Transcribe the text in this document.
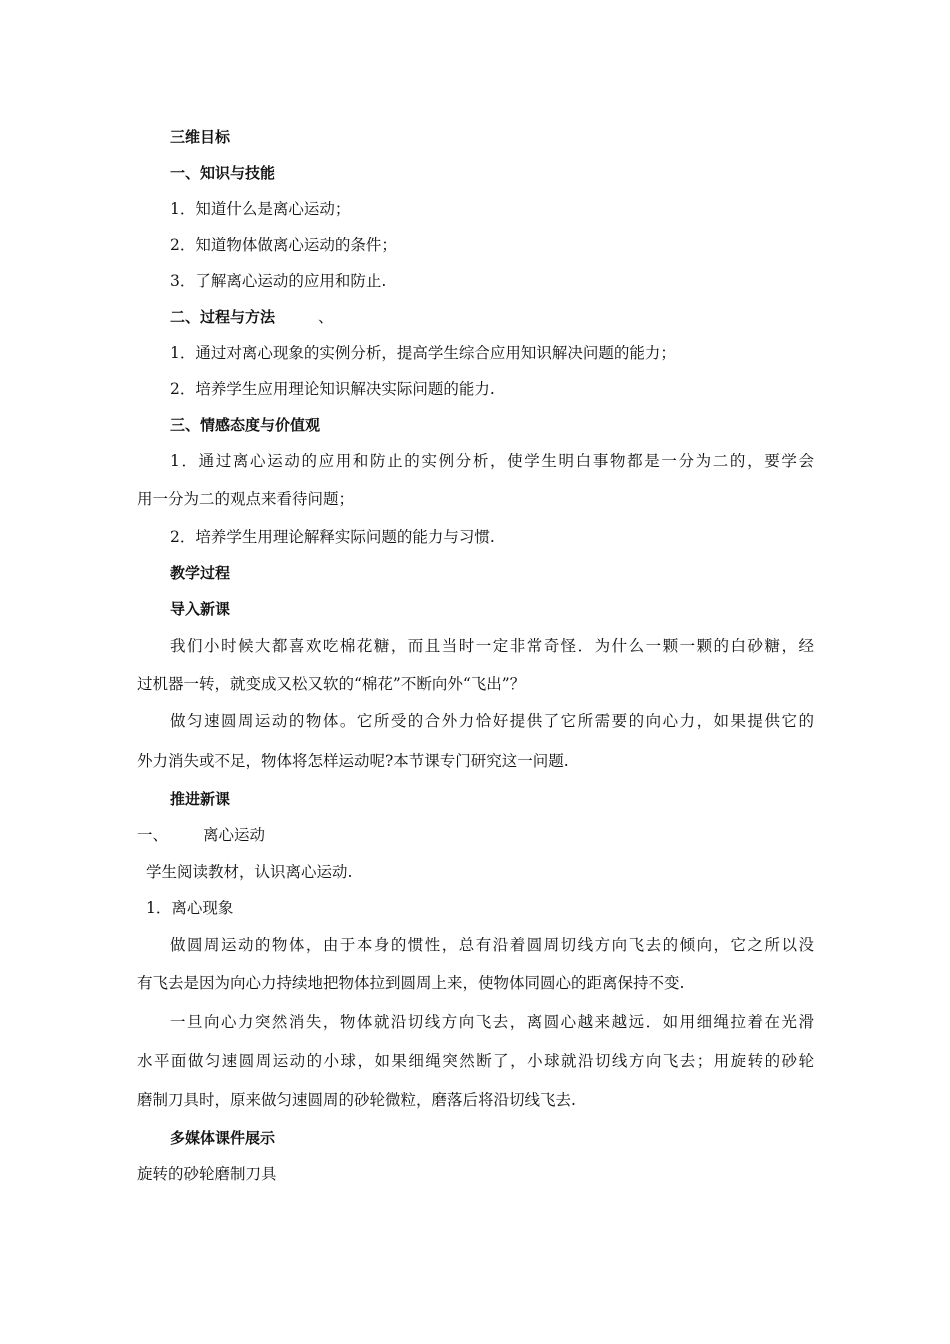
三维目标
一、知识与技能
1．知道什么是离心运动；
2．知道物体做离心运动的条件；
3．了解离心运动的应用和防止.
二、过程与方法	、
1．通过对离心现象的实例分析，提高学生综合应用知识解决问题的能力；
2．培养学生应用理论知识解决实际问题的能力.
三、情感态度与价值观
1．通过离心运动的应用和防止的实例分析，使学生明白事物都是一分为二的，要学会
用一分为二的观点来看待问题；
2．培养学生用理论解释实际问题的能力与习惯.
教学过程
导入新课
我们小时候大都喜欢吃棉花糖，而且当时一定非常奇怪．为什么一颗一颗的白砂糖，经
过机器一转，就变成又松又软的“棉花”不断向外“飞出”？
做匀速圆周运动的物体。它所受的合外力恰好提供了它所需要的向心力，如果提供它的
外力消失或不足，物体将怎样运动呢?本节课专门研究这一问题.
推进新课
一、 离心运动
学生阅读教材，认识离心运动.
1．离心现象
做圆周运动的物体，由于本身的惯性，总有沿着圆周切线方向飞去的倾向，它之所以没
有飞去是因为向心力持续地把物体拉到圆周上来，使物体同圆心的距离保持不变.
一旦向心力突然消失，物体就沿切线方向飞去，离圆心越来越远．如用细绳拉着在光滑
水平面做匀速圆周运动的小球，如果细绳突然断了，小球就沿切线方向飞去；用旋转的砂轮
磨制刀具时，原来做匀速圆周的砂轮微粒，磨落后将沿切线飞去.
多媒体课件展示
旋转的砂轮磨制刀具
